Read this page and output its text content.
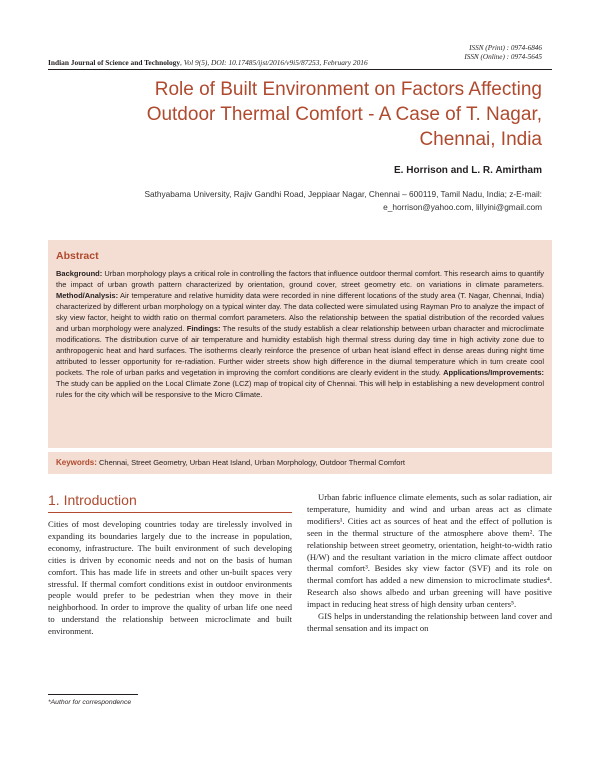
ISSN (Print) : 0974-6846
ISSN (Online) : 0974-5645
Indian Journal of Science and Technology, Vol 9(5), DOI: 10.17485/ijst/2016/v9i5/87253, February 2016
Role of Built Environment on Factors Affecting Outdoor Thermal Comfort - A Case of T. Nagar, Chennai, India
E. Horrison and L. R. Amirtham
Sathyabama University, Rajiv Gandhi Road, Jeppiaar Nagar, Chennai – 600119, Tamil Nadu, India; z-E-mail: e_horrison@yahoo.com, lillyini@gmail.com
Abstract
Background: Urban morphology plays a critical role in controlling the factors that influence outdoor thermal comfort. This research aims to quantify the impact of urban growth pattern characterized by orientation, ground cover, street geometry etc. on variations in climate parameters. Method/Analysis: Air temperature and relative humidity data were recorded in nine different locations of the study area (T. Nagar, Chennai, India) characterized by different urban morphology on a typical winter day. The data collected were simulated using Rayman Pro to analyze the impact of sky view factor, height to width ratio on thermal comfort parameters. Also the relationship between the spatial distribution of the recorded values and urban morphology were analyzed. Findings: The results of the study establish a clear relationship between urban character and microclimate modifications. The distribution curve of air temperature and humidity establish high thermal stress during day time in high activity zone due to anthropogenic heat and hard surfaces. The isotherms clearly reinforce the presence of urban heat island effect in dense areas during night time attributed to lesser opportunity for re-radiation. Further wider streets show high difference in the diurnal temperature which in turn create cool pockets. The role of urban parks and vegetation in improving the comfort conditions are clearly evident in the study. Applications/Improvements: The study can be applied on the Local Climate Zone (LCZ) map of tropical city of Chennai. This will help in establishing a new development control rules for the city which will be responsive to the Micro Climate.
Keywords: Chennai, Street Geometry, Urban Heat Island, Urban Morphology, Outdoor Thermal Comfort
1. Introduction

Cities of most developing countries today are tirelessly involved in expanding its boundaries largely due to the increase in population, economy, infrastructure. The built environment of such developing cities is driven by economic needs and not on the basis of human comfort. This has made life in streets and other un-built spaces very stressful. If thermal comfort conditions exist in outdoor environments people would prefer to be pedestrian when they move in their neighborhood. In order to improve the quality of urban life one need to understand the relationship between microclimate and built environment.

Urban fabric influence climate elements, such as solar radiation, air temperature, humidity and wind and urban areas act as climate modifiers¹. Cities act as sources of heat and the effect of pollution is seen in the thermal structure of the atmosphere above them². The relationship between street geometry, orientation, height-to-width ratio (H/W) and the resultant variation in the micro climate affect outdoor thermal comfort³. Besides sky view factor (SVF) and its role on thermal comfort has added a new dimension to microclimate studies⁴. Research also shows albedo and urban greening will have positive impact in reducing heat stress of high density urban centers⁵.

GIS helps in understanding the relationship between land cover and thermal sensation and its impact on

*Author for correspondence
